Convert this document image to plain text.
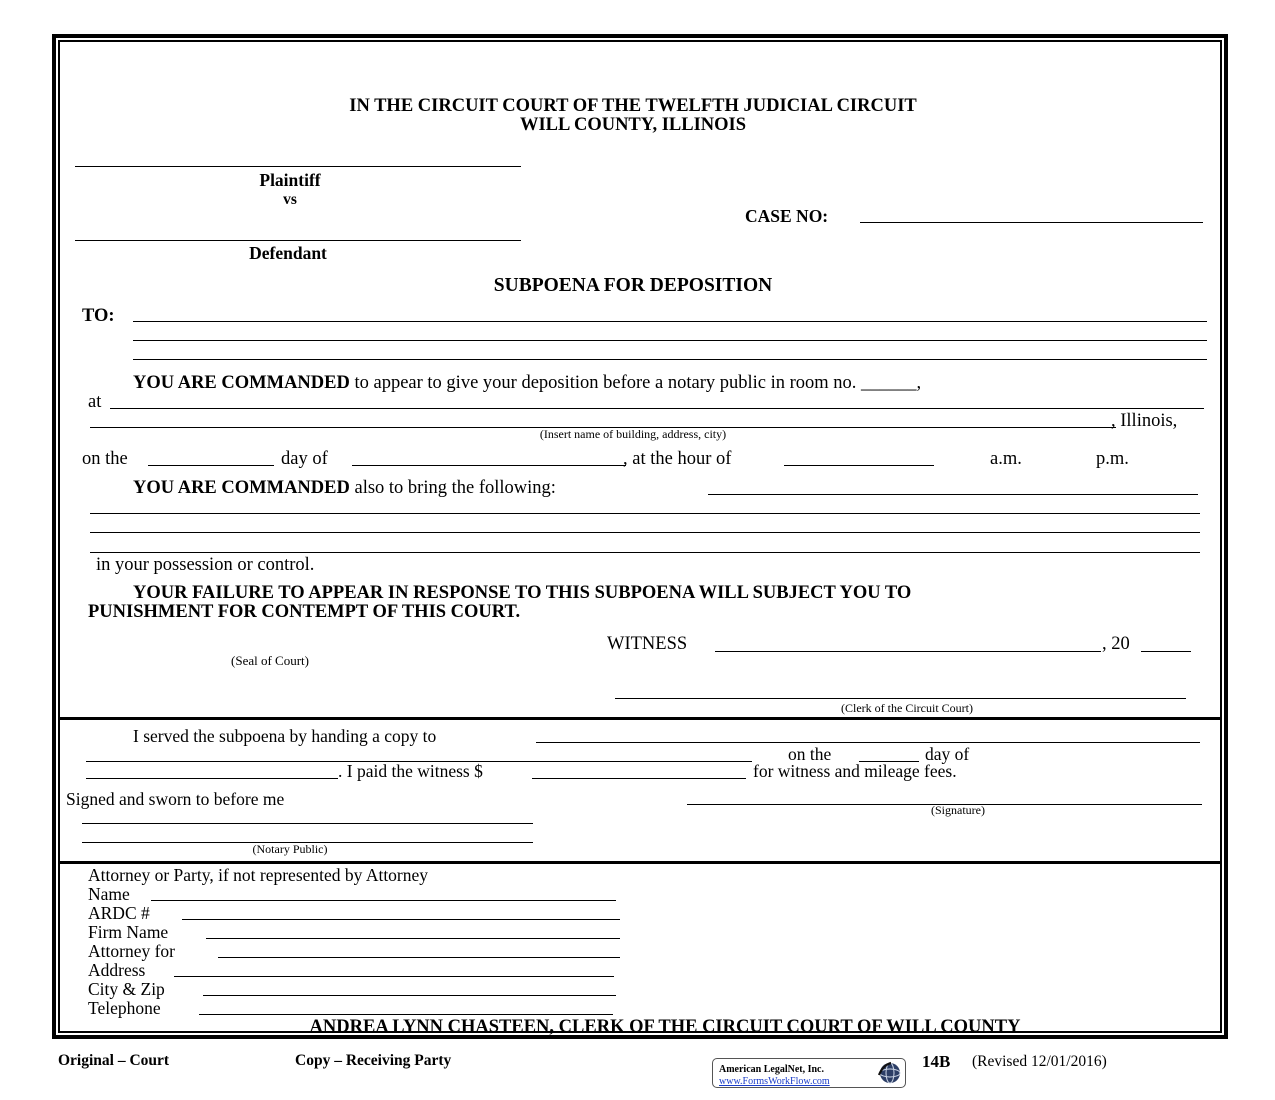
IN THE CIRCUIT COURT OF THE TWELFTH JUDICIAL CIRCUIT
WILL COUNTY, ILLINOIS
Plaintiff
vs
CASE NO:
Defendant
SUBPOENA FOR DEPOSITION
TO:
YOU ARE COMMANDED to appear to give your deposition before a notary public in room no. ______,
at
, Illinois,
(Insert name of building, address, city)
on the	day of	, at the hour of	a.m.	p.m.
YOU ARE COMMANDED also to bring the following:
in your possession or control.
YOUR FAILURE TO APPEAR IN RESPONSE TO THIS SUBPOENA WILL SUBJECT YOU TO
PUNISHMENT FOR CONTEMPT OF THIS COURT.
WITNESS	, 20
(Seal of Court)
(Clerk of the Circuit Court)
I served the subpoena by handing a copy to
on the	day of
. I paid the witness $	for witness and mileage fees.
Signed and sworn to before me
(Signature)
(Notary Public)
Attorney or Party, if not represented by Attorney
Name
ARDC #
Firm Name
Attorney for
Address
City & Zip
Telephone
ANDREA LYNN CHASTEEN, CLERK OF THE CIRCUIT COURT OF WILL COUNTY
Original – Court	Copy – Receiving Party
American LegalNet, Inc.
www.FormsWorkFlow.com
14B (Revised 12/01/2016)
